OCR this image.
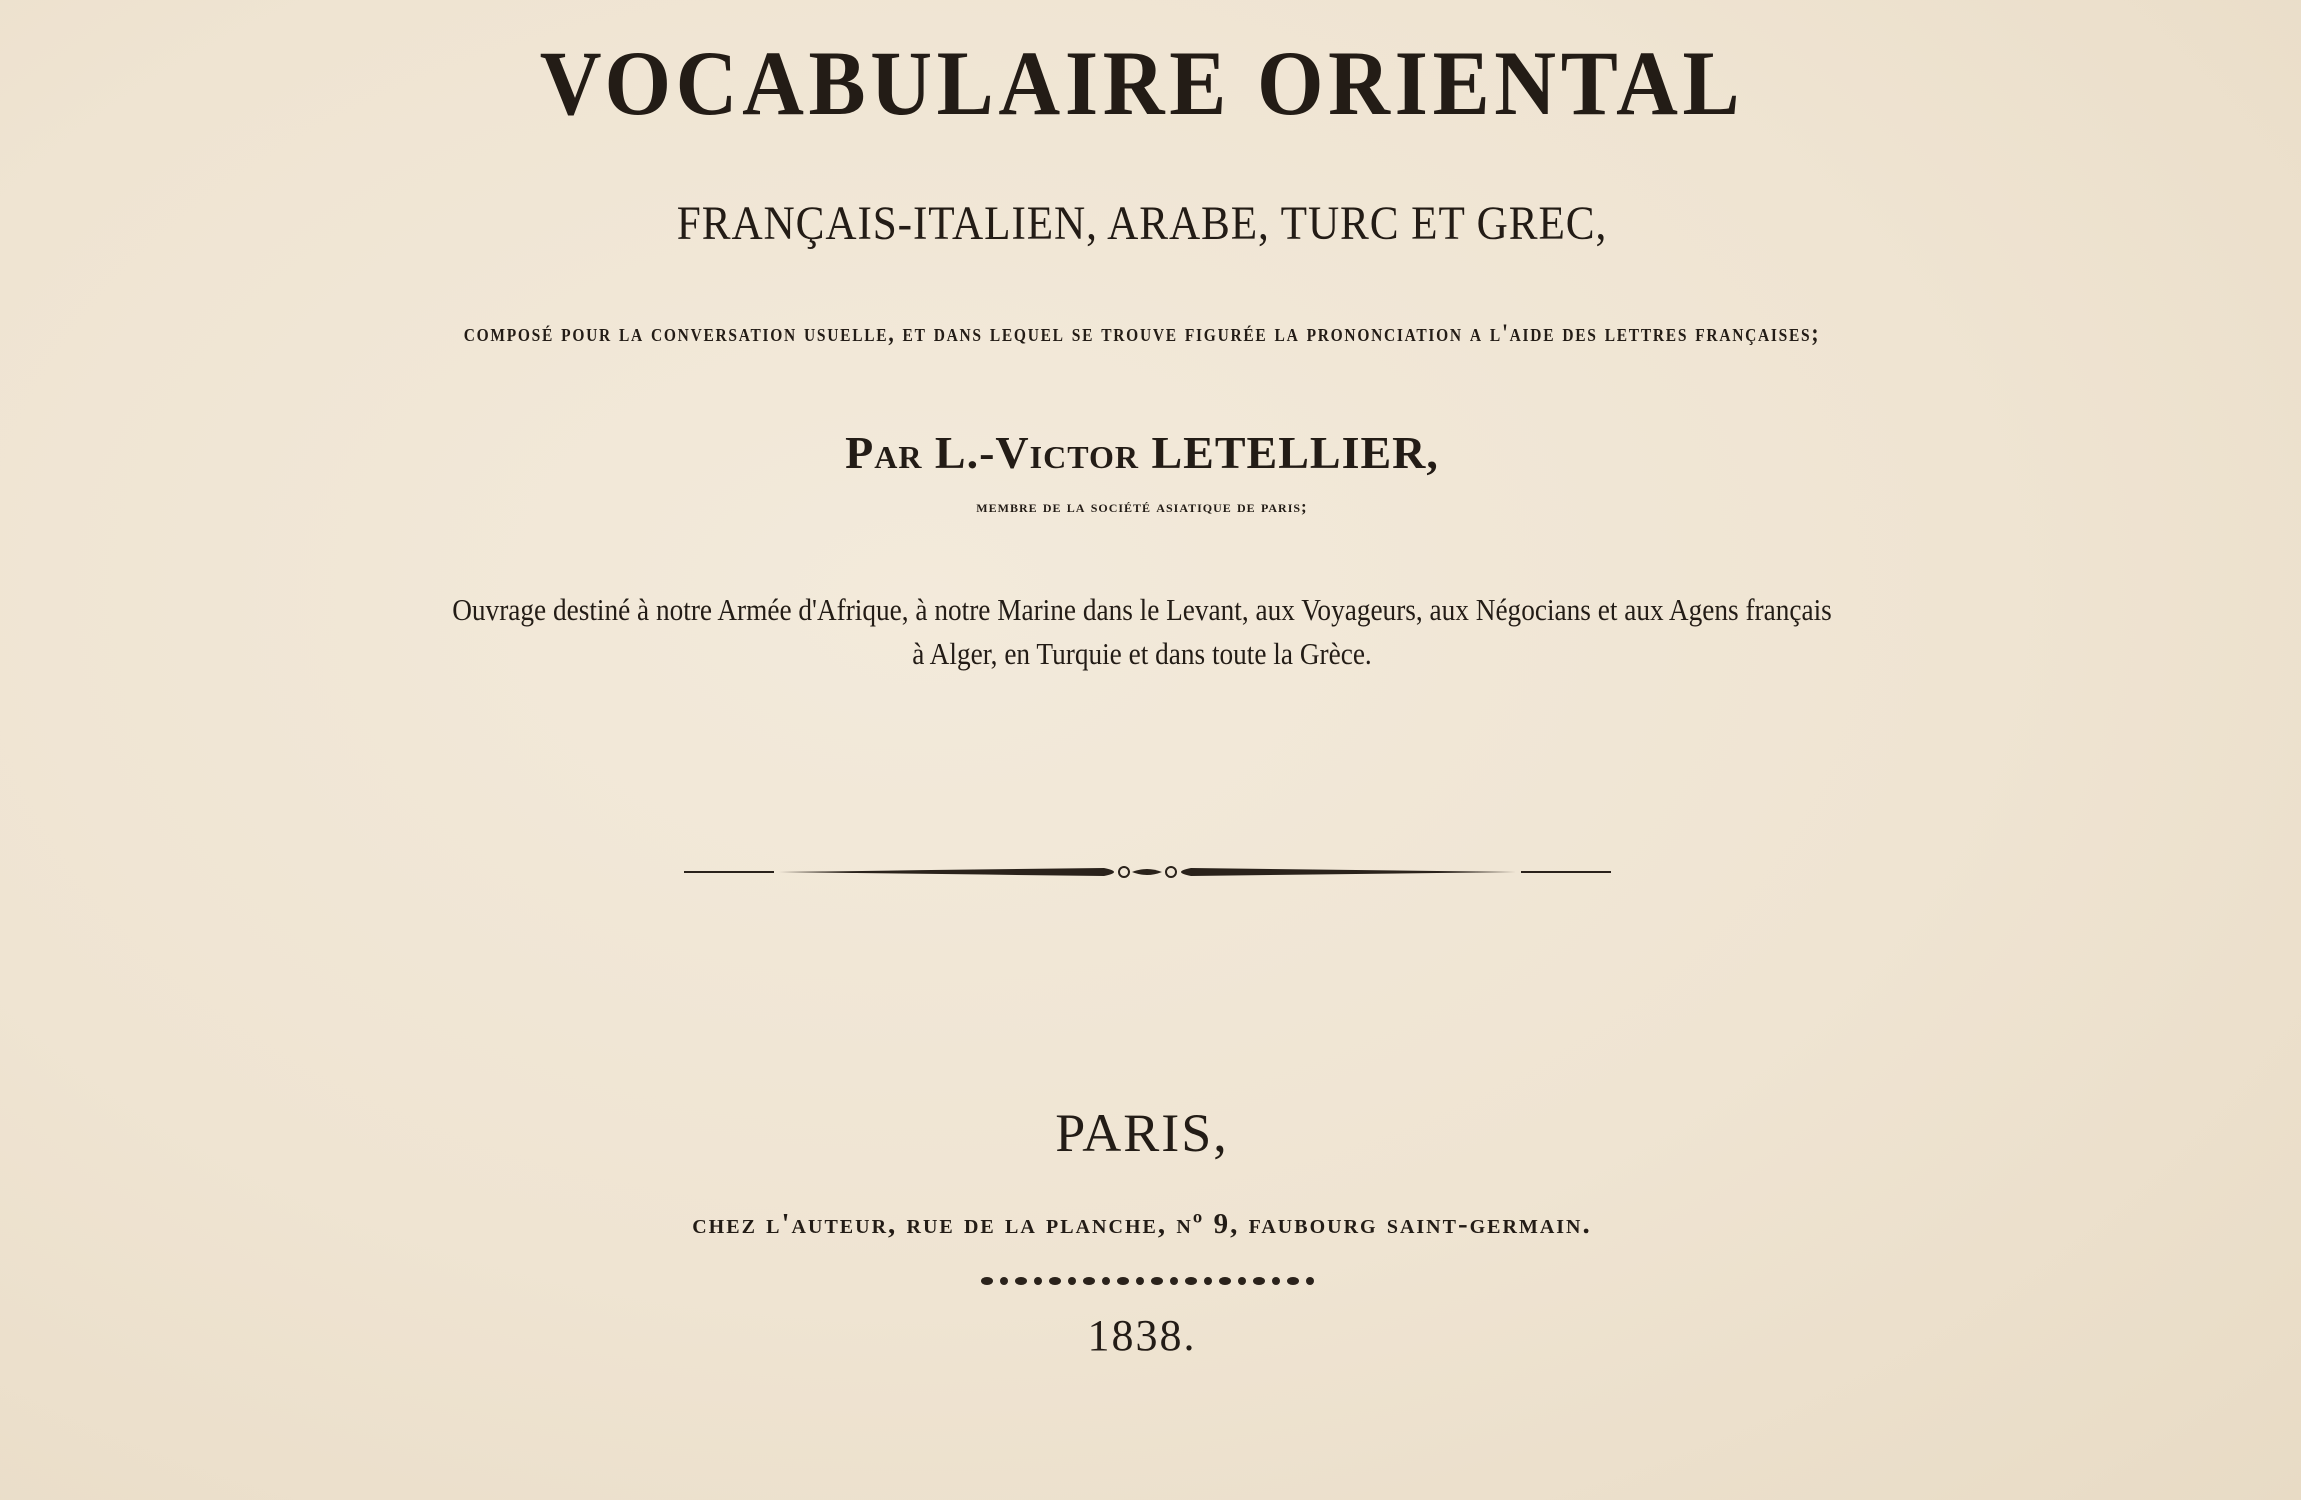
VOCABULAIRE ORIENTAL
FRANÇAIS-ITALIEN, ARABE, TURC ET GREC,
composé pour la conversation usuelle, et dans lequel se trouve figurée la prononciation a l'aide des lettres françaises;
Par L.-Victor LETELLIER,
membre de la société asiatique de paris;
Ouvrage destiné à notre Armée d'Afrique, à notre Marine dans le Levant, aux Voyageurs, aux Négocians et aux Agens français
à Alger, en Turquie et dans toute la Grèce.
PARIS,
chez l'auteur, rue de la planche, nº 9, faubourg saint-germain.
1838.
